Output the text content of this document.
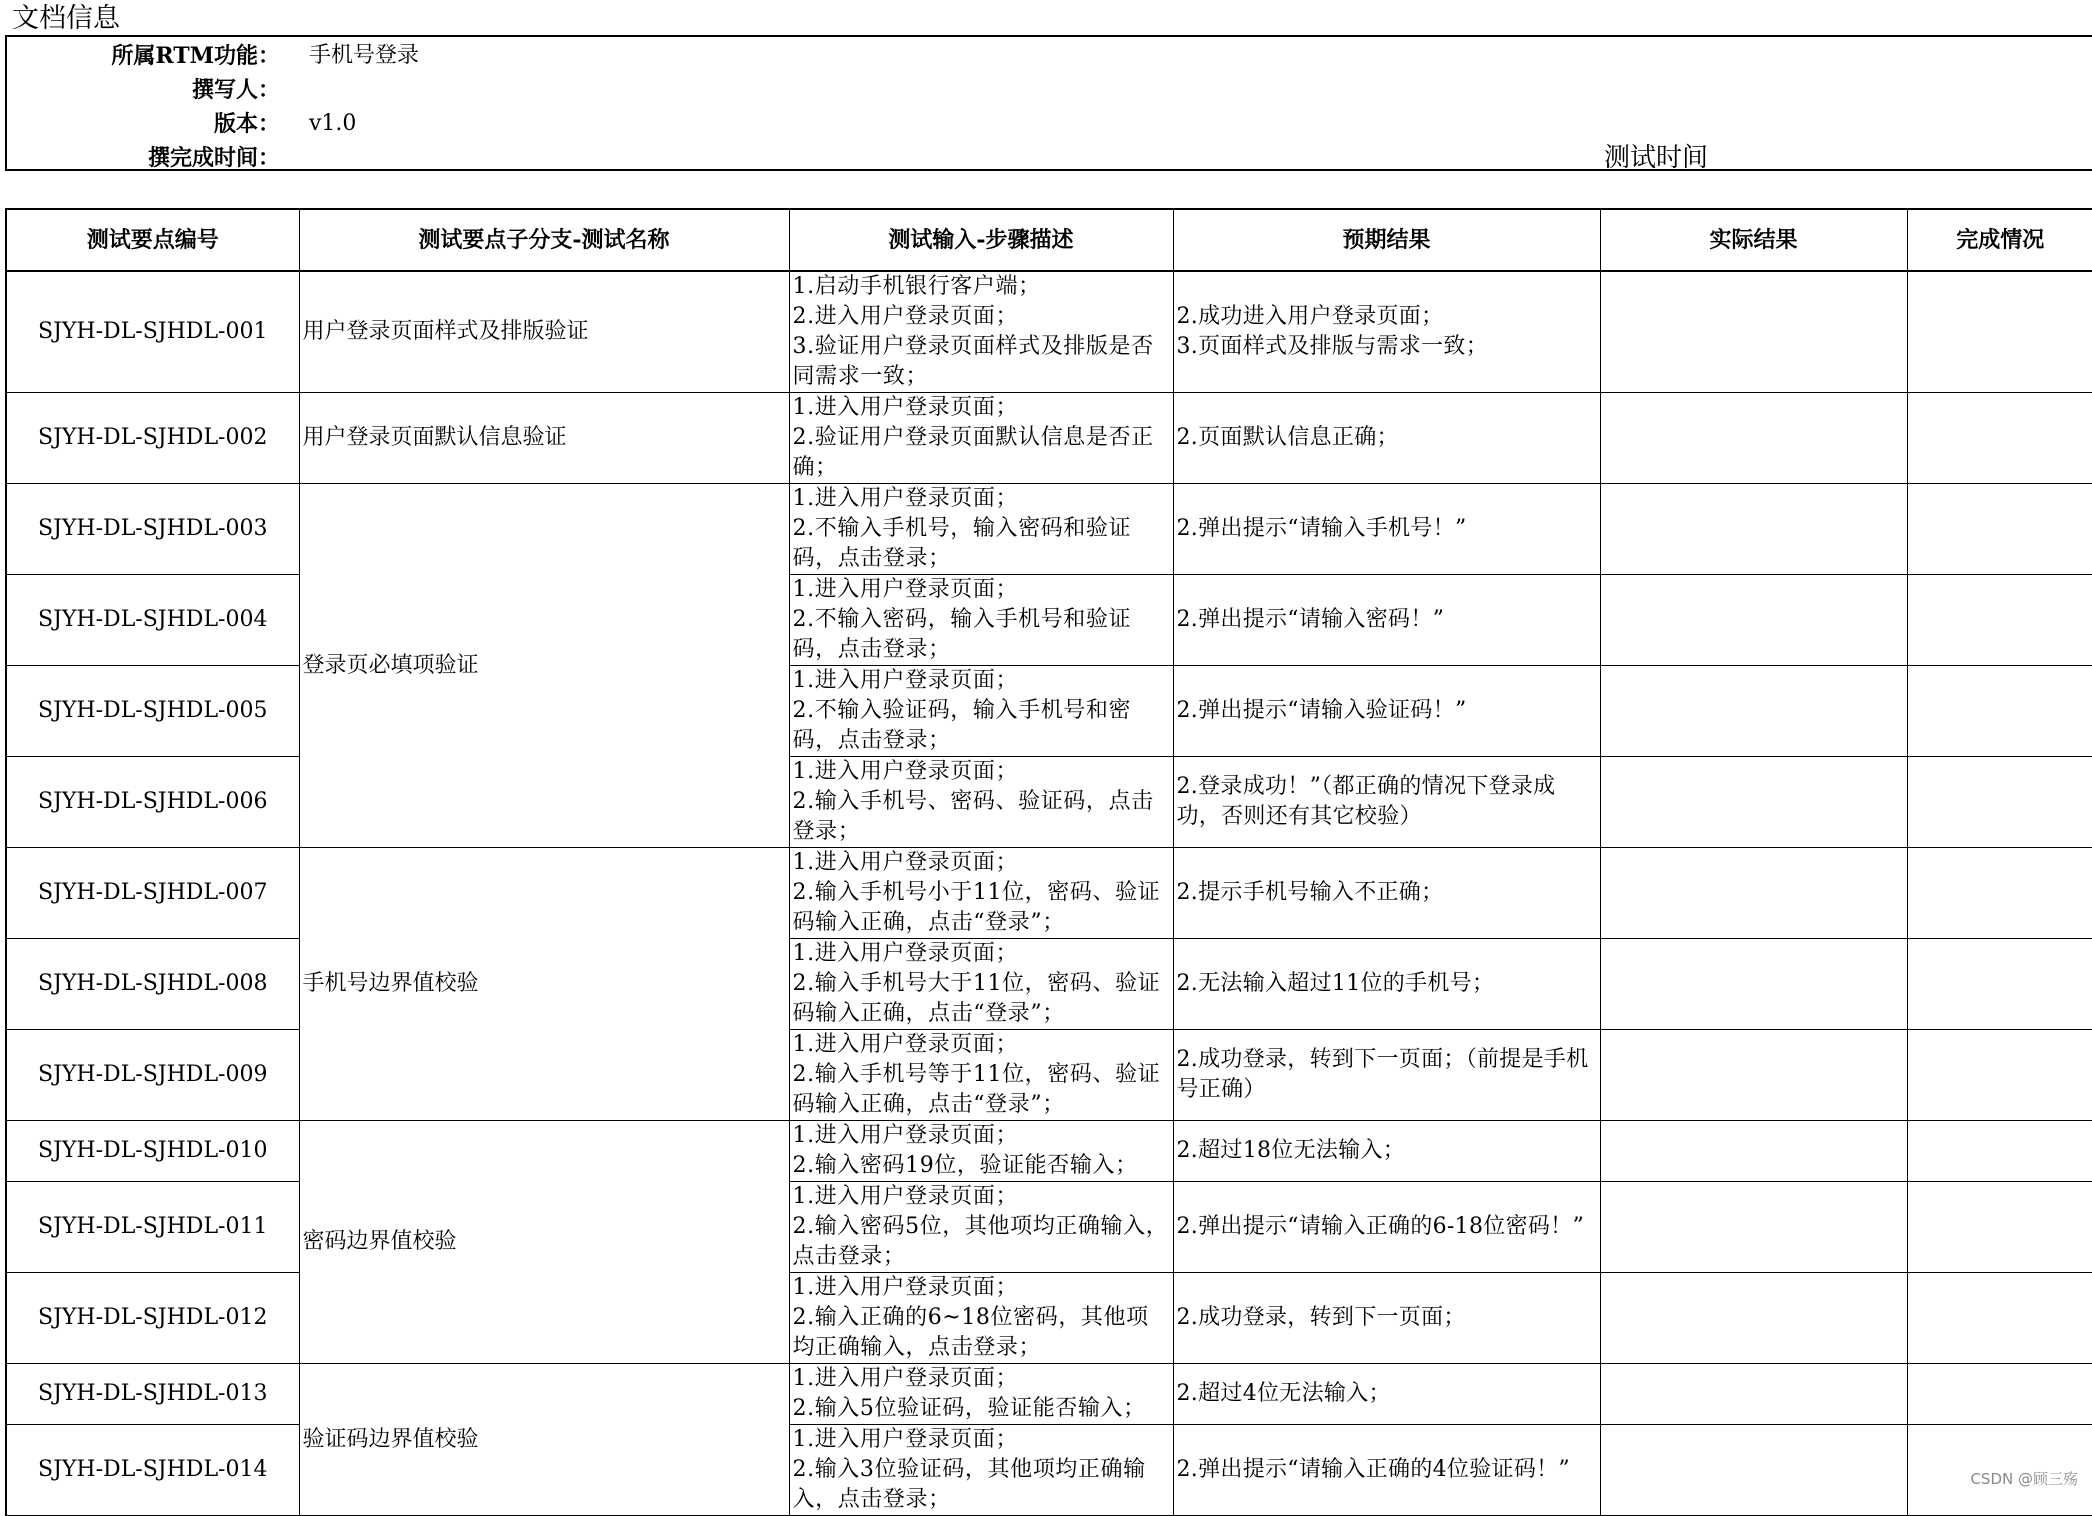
文档信息
所属RTM功能： 手机号登录
撰写人：
版本： v1.0
撰完成时间：	测试时间
测试要点编号	测试要点子分支-测试名称	测试输入-步骤描述	预期结果	实际结果	完成情况
SJYH-DL-SJHDL-001	用户登录页面样式及排版验证	1.启动手机银行客户端；
2.进入用户登录页面；
3.验证用户登录页面样式及排版是否同需求一致；	2.成功进入用户登录页面；
3.页面样式及排版与需求一致；		
SJYH-DL-SJHDL-002	用户登录页面默认信息验证	1.进入用户登录页面；
2.验证用户登录页面默认信息是否正确；	2.页面默认信息正确；		
SJYH-DL-SJHDL-003	登录页必填项验证	1.进入用户登录页面；
2.不输入手机号，输入密码和验证码，点击登录；	2.弹出提示“请输入手机号！”		
SJYH-DL-SJHDL-004		1.进入用户登录页面；
2.不输入密码，输入手机号和验证码，点击登录；	2.弹出提示“请输入密码！”		
SJYH-DL-SJHDL-005		1.进入用户登录页面；
2.不输入验证码，输入手机号和密码，点击登录；	2.弹出提示“请输入验证码！”		
SJYH-DL-SJHDL-006		1.进入用户登录页面；
2.输入手机号、密码、验证码，点击登录；	2.登录成功！”（都正确的情况下登录成功，否则还有其它校验）		
SJYH-DL-SJHDL-007	手机号边界值校验	1.进入用户登录页面；
2.输入手机号小于11位，密码、验证码输入正确，点击“登录”；	2.提示手机号输入不正确；		
SJYH-DL-SJHDL-008		1.进入用户登录页面；
2.输入手机号大于11位，密码、验证码输入正确，点击“登录”；	2.无法输入超过11位的手机号；		
SJYH-DL-SJHDL-009		1.进入用户登录页面；
2.输入手机号等于11位，密码、验证码输入正确，点击“登录”；	2.成功登录，转到下一页面；（前提是手机号正确）		
SJYH-DL-SJHDL-010	密码边界值校验	1.进入用户登录页面；
2.输入密码19位，验证能否输入；	2.超过18位无法输入；		
SJYH-DL-SJHDL-011		1.进入用户登录页面；
2.输入密码5位，其他项均正确输入，点击登录；	2.弹出提示“请输入正确的6-18位密码！”		
SJYH-DL-SJHDL-012		1.进入用户登录页面；
2.输入正确的6~18位密码，其他项均正确输入，点击登录；	2.成功登录，转到下一页面；		
SJYH-DL-SJHDL-013	验证码边界值校验	1.进入用户登录页面；
2.输入5位验证码，验证能否输入；	2.超过4位无法输入；		
SJYH-DL-SJHDL-014		1.进入用户登录页面；
2.输入3位验证码，其他项均正确输入，点击登录；	2.弹出提示“请输入正确的4位验证码！”			CSDN @顾三殇
